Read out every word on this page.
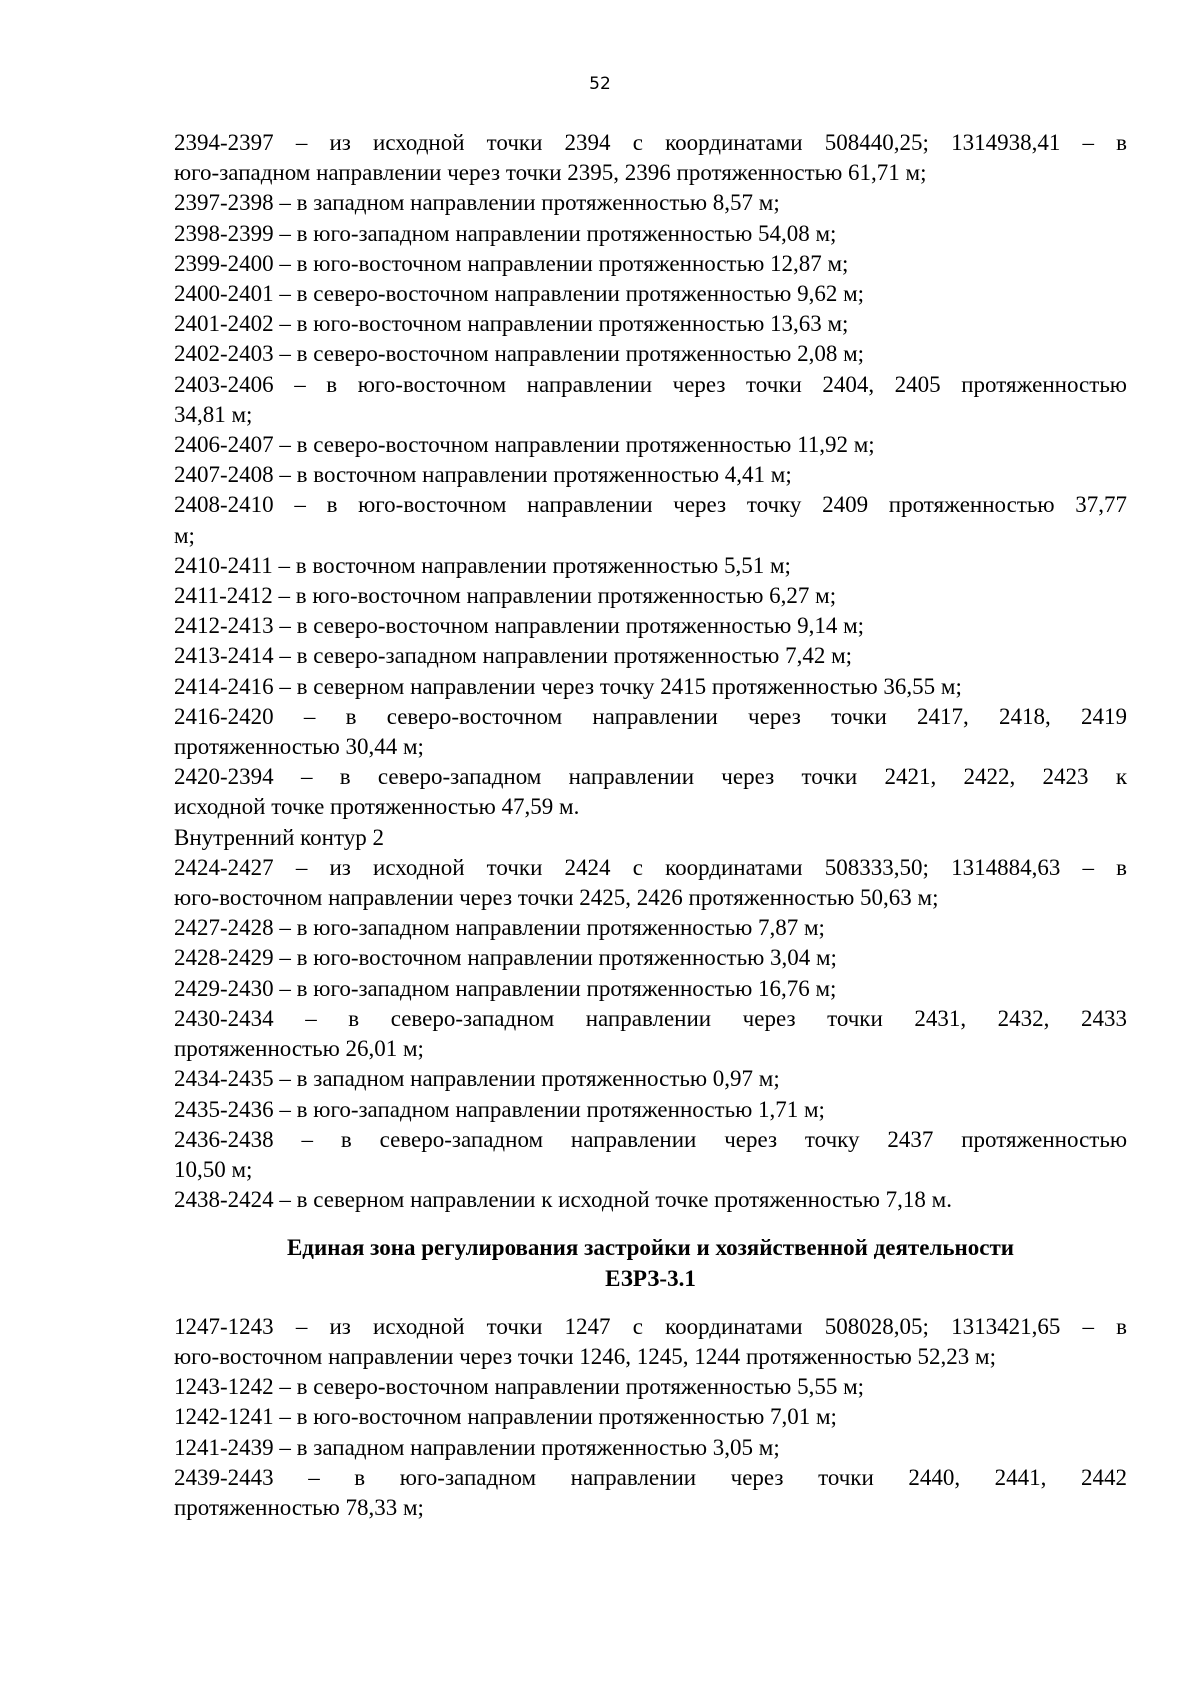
52

2394-2397 – из исходной точки 2394 с координатами 508440,25; 1314938,41 – в

юго-западном направлении через точки 2395, 2396 протяженностью 61,71 м;

2397-2398 – в западном направлении протяженностью 8,57 м;

2398-2399 – в юго-западном направлении протяженностью 54,08 м;

2399-2400 – в юго-восточном направлении протяженностью 12,87 м;

2400-2401 – в северо-восточном направлении протяженностью 9,62 м;

2401-2402 – в юго-восточном направлении протяженностью 13,63 м;

2402-2403 – в северо-восточном направлении протяженностью 2,08 м;

2403-2406 – в юго-восточном направлении через точки 2404, 2405 протяженностью

34,81 м;

2406-2407 – в северо-восточном направлении протяженностью 11,92 м;

2407-2408 – в восточном направлении протяженностью 4,41 м;

2408-2410 – в юго-восточном направлении через точку 2409 протяженностью 37,77

м;

2410-2411 – в восточном направлении протяженностью 5,51 м;

2411-2412 – в юго-восточном направлении протяженностью 6,27 м;

2412-2413 – в северо-восточном направлении протяженностью 9,14 м;

2413-2414 – в северо-западном направлении протяженностью 7,42 м;

2414-2416 – в северном направлении через точку 2415 протяженностью 36,55 м;

2416-2420 – в северо-восточном направлении через точки 2417, 2418, 2419

протяженностью 30,44 м;

2420-2394 – в северо-западном направлении через точки 2421, 2422, 2423 к

исходной точке протяженностью 47,59 м.

Внутренний контур 2

2424-2427 – из исходной точки 2424 с координатами 508333,50; 1314884,63 – в

юго-восточном направлении через точки 2425, 2426 протяженностью 50,63 м;

2427-2428 – в юго-западном направлении протяженностью 7,87 м;

2428-2429 – в юго-восточном направлении протяженностью 3,04 м;

2429-2430 – в юго-западном направлении протяженностью 16,76 м;

2430-2434 – в северо-западном направлении через точки 2431, 2432, 2433

протяженностью 26,01 м;

2434-2435 – в западном направлении протяженностью 0,97 м;

2435-2436 – в юго-западном направлении протяженностью 1,71 м;

2436-2438 – в северо-западном направлении через точку 2437 протяженностью

10,50 м;

2438-2424 – в северном направлении к исходной точке протяженностью 7,18 м.

Единая зона регулирования застройки и хозяйственной деятельности

ЕЗРЗ-3.1

1247-1243 – из исходной точки 1247 с координатами 508028,05; 1313421,65 – в

юго-восточном направлении через точки 1246, 1245, 1244 протяженностью 52,23 м;

1243-1242 – в северо-восточном направлении протяженностью 5,55 м;

1242-1241 – в юго-восточном направлении протяженностью 7,01 м;

1241-2439 – в западном направлении протяженностью 3,05 м;

2439-2443 – в юго-западном направлении через точки 2440, 2441, 2442

протяженностью 78,33 м;
